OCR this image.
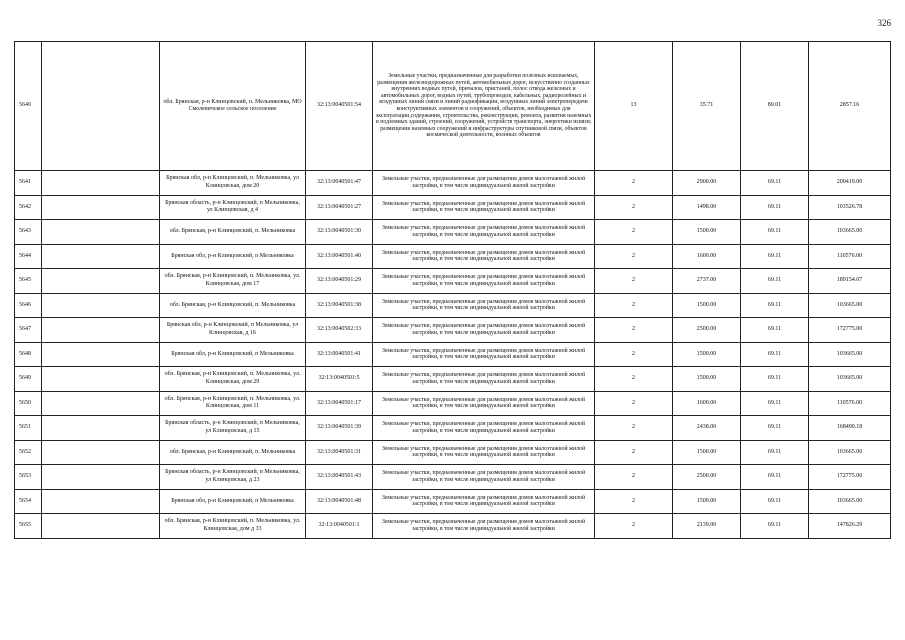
326
5640		обл. Брянская, р-н Клинцовский, п. Мельниковка, МО Смолевичское сельское поселение	32:13:0040501:54	Земельные участки, предназначенные для разработки полезных ископаемых, размещения железнодорожных путей, автомобильных дорог, искусственно созданных внутренних водных путей, причалов, пристаней, полос отвода железных и автомобильных дорог, водных путей, трубопроводов, кабельных, радиорелейных и воздушных линий связи и линий радиофикации, воздушных линий электропередачи конструктивных элементов и сооружений, объектов, необходимых для эксплуатации,содержания, строительства, реконструкции, ремонта, развития наземных и подземных зданий, строений, сооружений, устройств транспорта, энергетики исвязи; размещения наземных сооружений и инфраструктуры спутниковой связи, объектов космической деятельности, военных объектов	13	35.71	80.01	2857.16
5641		Брянская обл, р-н Клинцовский, п. Мельниковка, ул Клинцовская, дом 20	32:13:0040501:47	Земельные участки, предназначенные для размещения домов малоэтажной жилой застройки, в том числе индивидуальной жилой застройки	2	2900.00	69.11	200419.00
5642		Брянская область, р-н Клинцовский, п Мельниковка, ул Клинцовская, д 4	32:13:0040501:27	Земельные участки, предназначенные для размещения домов малоэтажной жилой застройки, в том числе индивидуальной жилой застройки	2	1498.00	69.11	103526.78
5643		обл. Брянская, р-н Клинцовский, п. Мельниковка	32:13:0040501:30	Земельные участки, предназначенные для размещения домов малоэтажной жилой застройки, в том числе индивидуальной жилой застройки	2	1500.00	69.11	103665.00
5644		Брянская обл, р-н Клинцовский, п Мельниковка	32:13:0040501:40	Земельные участки, предназначенные для размещения домов малоэтажной жилой застройки, в том числе индивидуальной жилой застройки	2	1600.00	69.11	110576.00
5645		обл. Брянская, р-н Клинцовский, п. Мельниковка, ул. Клинцовская, дом 17	32:13:0040501:29	Земельные участки, предназначенные для размещения домов малоэтажной жилой застройки, в том числе индивидуальной жилой застройки	2	2737.00	69.11	189154.07
5646		обл. Брянская, р-н Клинцовский, п. Мельниковка	32:13:0040501:38	Земельные участки, предназначенные для размещения домов малоэтажной жилой застройки, в том числе индивидуальной жилой застройки	2	1500.00	69.11	103665.00
5647		Брянская обл, р-н Клинцовский, п Мельниковка, ул Клинцовская, д 16	32:13:0040502:33	Земельные участки, предназначенные для размещения домов малоэтажной жилой застройки, в том числе индивидуальной жилой застройки	2	2500.00	69.11	172775.00
5648		Брянская обл, р-н Клинцовский, п Мельниковка	32:13:0040501:41	Земельные участки, предназначенные для размещения домов малоэтажной жилой застройки, в том числе индивидуальной жилой застройки	2	1500.00	69.11	103665.00
5649		обл. Брянская, р-н Клинцовский, п. Мельниковка, ул. Клинцовская, дом 29	32:13:0040501:5	Земельные участки, предназначенные для размещения домов малоэтажной жилой застройки, в том числе индивидуальной жилой застройки	2	1500.00	69.11	103665.00
5650		обл. Брянская, р-н Клинцовский, п. Мельниковка, ул. Клинцовская, дом 11	32:13:0040501:17	Земельные участки, предназначенные для размещения домов малоэтажной жилой застройки, в том числе индивидуальной жилой застройки	2	1600.00	69.11	110576.00
5651		Брянская область, р-н Клинцовский, п Мельниковка, ул Клинцовская, д 15	32:13:0040501:39	Земельные участки, предназначенные для размещения домов малоэтажной жилой застройки, в том числе индивидуальной жилой застройки	2	2438.00	69.11	168490.18
5652		обл. Брянская, р-н Клинцовский, п. Мельниковка	32:13:0040501:31	Земельные участки, предназначенные для размещения домов малоэтажной жилой застройки, в том числе индивидуальной жилой застройки	2	1500.00	69.11	103665.00
5653		Брянская область, р-н Клинцовский, п Мельниковка, ул Клинцовская, д 23	32:13:0040501:43	Земельные участки, предназначенные для размещения домов малоэтажной жилой застройки, в том числе индивидуальной жилой застройки	2	2500.00	69.11	172775.00
5654		Брянская обл, р-н Клинцовский, п Мельниковка	32:13:0040501:48	Земельные участки, предназначенные для размещения домов малоэтажной жилой застройки, в том числе индивидуальной жилой застройки	2	1500.00	69.11	103665.00
5655		обл. Брянская, р-н Клинцовский, п. Мельниковка, ул. Клинцовская, дом д 33	32:13:0040501:1	Земельные участки, предназначенные для размещения домов малоэтажной жилой застройки, в том числе индивидуальной жилой застройки	2	2139.00	69.11	147826.29
